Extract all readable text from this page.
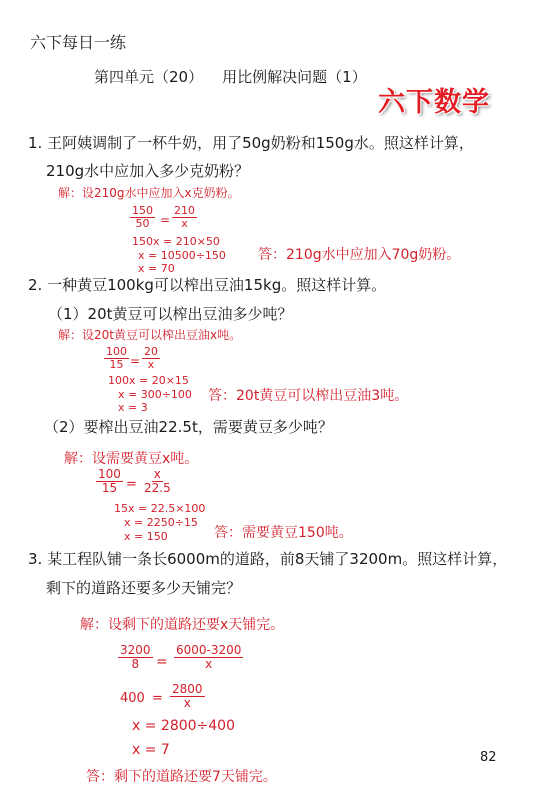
六下每日一练
第四单元（20）    用比例解决问题（1）
六下数学
1. 王阿姨调制了一杯牛奶，用了50g奶粉和150g水。照这样计算，
210g水中应加入多少克奶粉？
解：设210g水中应加入x克奶粉。
$\frac{150}{50} = \frac{210}{x}$
150x = 210×50
x = 10500÷150
x = 70
答：210g水中应加入70g奶粉。
2. 一种黄豆100kg可以榨出豆油15kg。照这样计算。
（1）20t黄豆可以榨出豆油多少吨？
解：设20t黄豆可以榨出豆油x吨。
$\frac{100}{15} = \frac{20}{x}$
100x = 20×15
x = 300÷100
x = 3
答：20t黄豆可以榨出豆油3吨。
（2）要榨出豆油22.5t，需要黄豆多少吨？
解：设需要黄豆x吨。
$\frac{100}{15} = \frac{x}{22.5}$
15x = 22.5×100
x = 2250÷15
x = 150	答：需要黄豆150吨。
3. 某工程队铺一条长6000m的道路，前8天铺了3200m。照这样计算，
剩下的道路还要多少天铺完？
解：设剩下的道路还要x天铺完。
$\frac{3200}{8} = \frac{6000-3200}{x}$
$400 = \frac{2800}{x}$
x = 2800÷400
x = 7
答：剩下的道路还要7天铺完。
82
